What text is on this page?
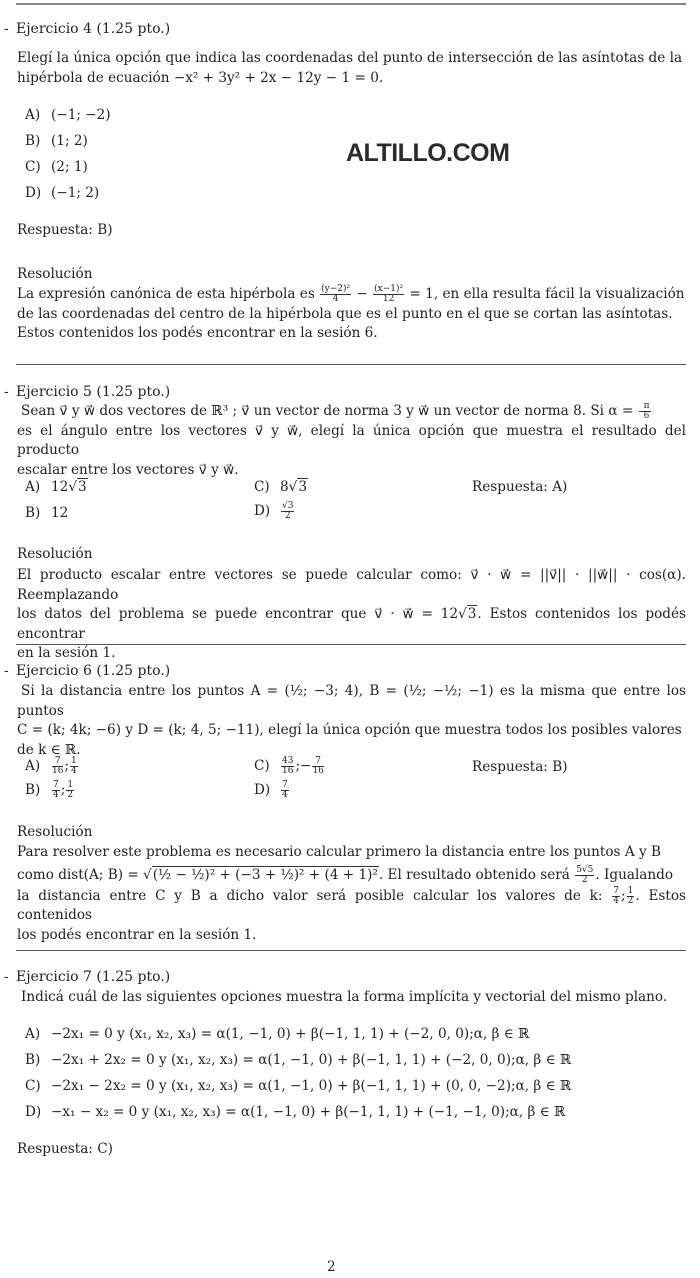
- Ejercicio 4 (1.25 pto.)
Elegí la única opción que indica las coordenadas del punto de intersección de las asíntotas de la
hipérbola de ecuación −x² + 3y² + 2x − 12y − 1 = 0.
A) (−1; −2)
B) (1; 2)
C) (2; 1)
D) (−1; 2)
ALTILLO.COM
Respuesta: B)
Resolución
La expresión canónica de esta hipérbola es $\frac{\text{(y−2)²}}{4} - \frac{\text{(x−1)²}}{12} = 1$, en ella resulta fácil la visualización
de las coordenadas del centro de la hipérbola que es el punto en el que se cortan las asíntotas.
Estos contenidos los podés encontrar en la sesión 6.
- Ejercicio 5 (1.25 pto.)
Sean v⃗ y w⃗ dos vectores de ℝ³ ; v⃗ un vector de norma 3 y w⃗ un vector de norma 8. Si $\alpha = \frac{\pi}{6}$
es el ángulo entre los vectores v⃗ y w⃗, elegí la única opción que muestra el resultado del producto
escalar entre los vectores v⃗ y w⃗.
A) 12√3
B) 12
C) 8√3
$D) \frac{√3}{2}$
Respuesta: A)
Resolución
El producto escalar entre vectores se puede calcular como: v⃗ · w⃗ = ||v⃗|| · ||w⃗|| · cos(α). Reemplazando
los datos del problema se puede encontrar que v⃗ · w⃗ = 12√3. Estos contenidos los podés encontrar
en la sesión 1.
- Ejercicio 6 (1.25 pto.)
Si la distancia entre los puntos A = (½; −3; 4), B = (½; −½; −1) es la misma que entre los puntos
C = (k; 4k; −6) y D = (k; 4, 5; −11), elegí la única opción que muestra todos los posibles valores
de k ∈ ℝ.
$A) \frac{7}{16}$ ; $\frac{1}{4}$
$B) \frac{7}{4}$ ; $\frac{1}{2}$
$C) \frac{43}{16}$ ;− $\frac{7}{16}$
$D) \frac{7}{4}$
Respuesta: B)
Resolución
Para resolver este problema es necesario calcular primero la distancia entre los puntos A y B
como dist(A; B) = √(½ − ½)² + (−3 + ½)² + (4 + 1)². El resultado obtenido será $\frac{5√5}{2}$ . Igualando
la distancia entre C y B a dicho valor será posible calcular los valores de k: $\frac{7}{4}$ ; $\frac{1}{2}$ . Estos contenidos
los podés encontrar en la sesión 1.
- Ejercicio 7 (1.25 pto.)
Indicá cuál de las siguientes opciones muestra la forma implícita y vectorial del mismo plano.
A) −2x₁ = 0 y (x₁, x₂, x₃) = α(1, −1, 0) + β(−1, 1, 1) + (−2, 0, 0);α, β ∈ ℝ
B) −2x₁ + 2x₂ = 0 y (x₁, x₂, x₃) = α(1, −1, 0) + β(−1, 1, 1) + (−2, 0, 0);α, β ∈ ℝ
C) −2x₁ − 2x₂ = 0 y (x₁, x₂, x₃) = α(1, −1, 0) + β(−1, 1, 1) + (0, 0, −2);α, β ∈ ℝ
D) −x₁ − x₂ = 0 y (x₁, x₂, x₃) = α(1, −1, 0) + β(−1, 1, 1) + (−1, −1, 0);α, β ∈ ℝ
Respuesta: C)
2
